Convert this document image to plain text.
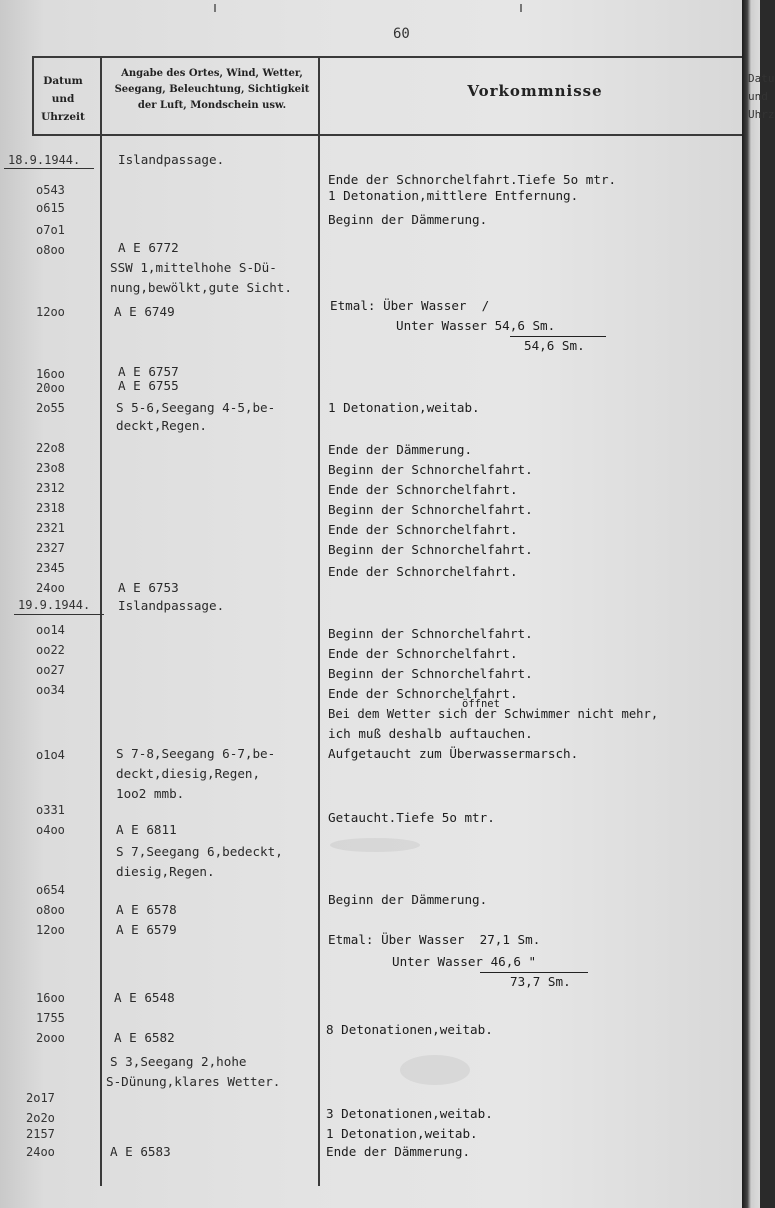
60
Datum
und
Uhrzeit
Angabe des Ortes, Wind, Wetter,
Seegang, Beleuchtung, Sichtigkeit
der Luft, Mondschein usw.
Vorkommnisse
18.9.1944.
o543
o615
o7o1
o8oo
12oo
16oo
20oo
2o55
22o8
23o8
2312
2318
2321
2327
2345
24oo
19.9.1944.
oo14
oo22
oo27
oo34
o1o4
o331
o4oo
o654
o8oo
12oo
16oo
1755
2ooo
2o17
2o2o
2157
24oo
Islandpassage.
A E 6772
SSW 1,mittelhohe S-Dü-
nung,bewölkt,gute Sicht.
A E 6749
A E 6757
A E 6755
S 5-6,Seegang 4-5,be-
deckt,Regen.
A E 6753
Islandpassage.
S 7-8,Seegang 6-7,be-
deckt,diesig,Regen,
1oo2 mmb.
A E 6811
S 7,Seegang 6,bedeckt,
diesig,Regen.
A E 6578
A E 6579
A E 6548
A E 6582
S 3,Seegang 2,hohe
S-Dünung,klares Wetter.
A E 6583
Ende der Schnorchelfahrt.Tiefe 5o mtr.
1 Detonation,mittlere Entfernung.
Beginn der Dämmerung.
Etmal: Über Wasser  /
Unter Wasser 54,6 Sm.
54,6 Sm.
1 Detonation,weitab.
Ende der Dämmerung.
Beginn der Schnorchelfahrt.
Ende der Schnorchelfahrt.
Beginn der Schnorchelfahrt.
Ende der Schnorchelfahrt.
Beginn der Schnorchelfahrt.
Ende der Schnorchelfahrt.
Beginn der Schnorchelfahrt.
Ende der Schnorchelfahrt.
Beginn der Schnorchelfahrt.
Ende der Schnorchelfahrt.
öffnet
Bei dem Wetter sich der Schwimmer nicht mehr,
ich muß deshalb auftauchen.
Aufgetaucht zum Überwassermarsch.
Getaucht.Tiefe 5o mtr.
Beginn der Dämmerung.
Etmal: Über Wasser  27,1 Sm.
Unter Wasser 46,6 "
73,7 Sm.
8 Detonationen,weitab.
3 Detonationen,weitab.
1 Detonation,weitab.
Ende der Dämmerung.
Datu
und
Uhrz
